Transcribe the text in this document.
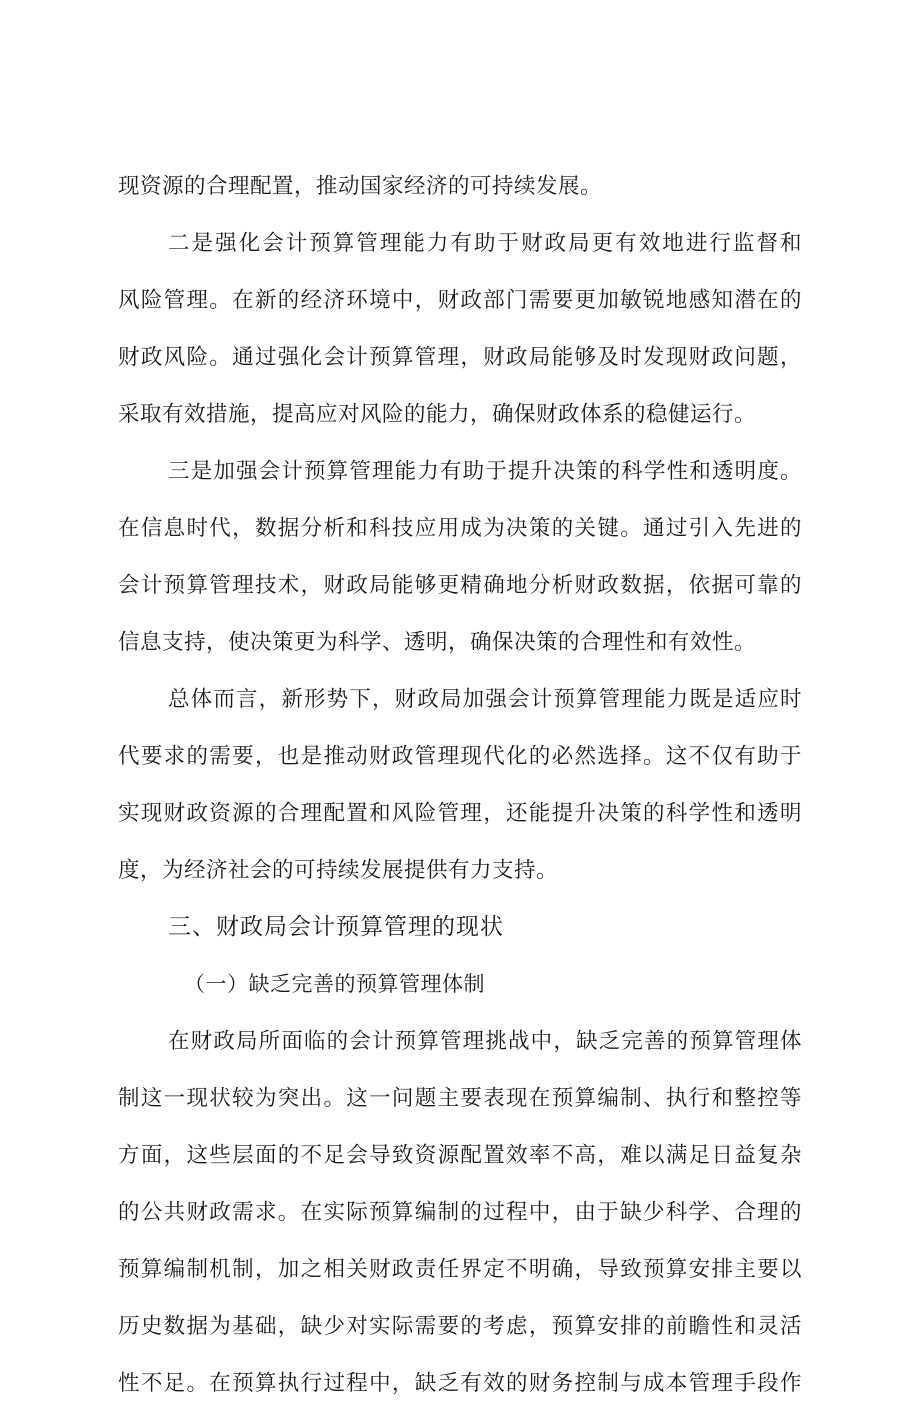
现资源的合理配置，推动国家经济的可持续发展。
二是强化会计预算管理能力有助于财政局更有效地进行监督和
风险管理。在新的经济环境中，财政部门需要更加敏锐地感知潜在的
财政风险。通过强化会计预算管理，财政局能够及时发现财政问题，
采取有效措施，提高应对风险的能力，确保财政体系的稳健运行。
三是加强会计预算管理能力有助于提升决策的科学性和透明度。
在信息时代，数据分析和科技应用成为决策的关键。通过引入先进的
会计预算管理技术，财政局能够更精确地分析财政数据，依据可靠的
信息支持，使决策更为科学、透明，确保决策的合理性和有效性。
总体而言，新形势下，财政局加强会计预算管理能力既是适应时
代要求的需要，也是推动财政管理现代化的必然选择。这不仅有助于
实现财政资源的合理配置和风险管理，还能提升决策的科学性和透明
度，为经济社会的可持续发展提供有力支持。
三、财政局会计预算管理的现状
（一）缺乏完善的预算管理体制
在财政局所面临的会计预算管理挑战中，缺乏完善的预算管理体
制这一现状较为突出。这一问题主要表现在预算编制、执行和整控等
方面，这些层面的不足会导致资源配置效率不高，难以满足日益复杂
的公共财政需求。在实际预算编制的过程中，由于缺少科学、合理的
预算编制机制，加之相关财政责任界定不明确，导致预算安排主要以
历史数据为基础，缺少对实际需要的考虑，预算安排的前瞻性和灵活
性不足。在预算执行过程中，缺乏有效的财务控制与成本管理手段作
